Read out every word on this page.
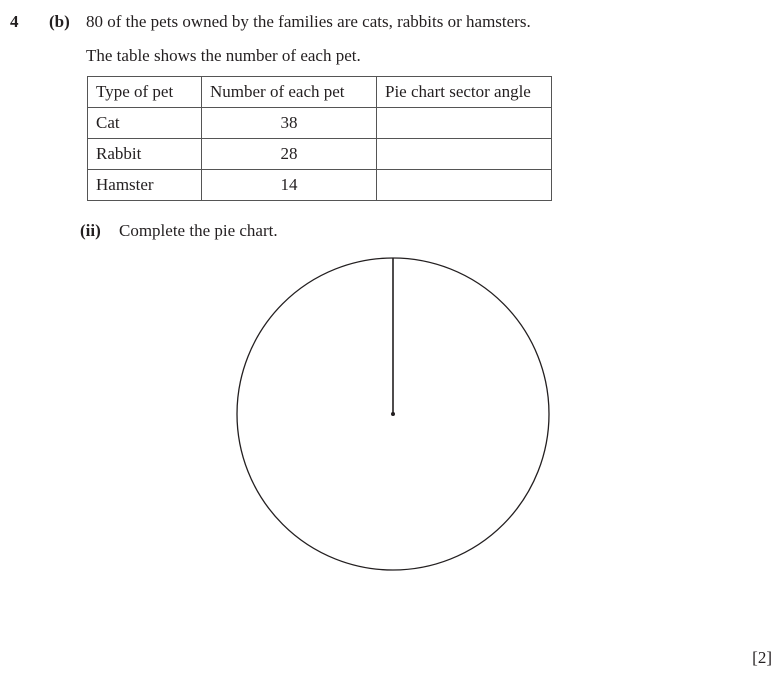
4 (b) 80 of the pets owned by the families are cats, rabbits or hamsters.
The table shows the number of each pet.
Type of pet	Number of each pet	Pie chart sector angle
Cat	38	
Rabbit	28	
Hamster	14	
(ii) Complete the pie chart.
[2]
